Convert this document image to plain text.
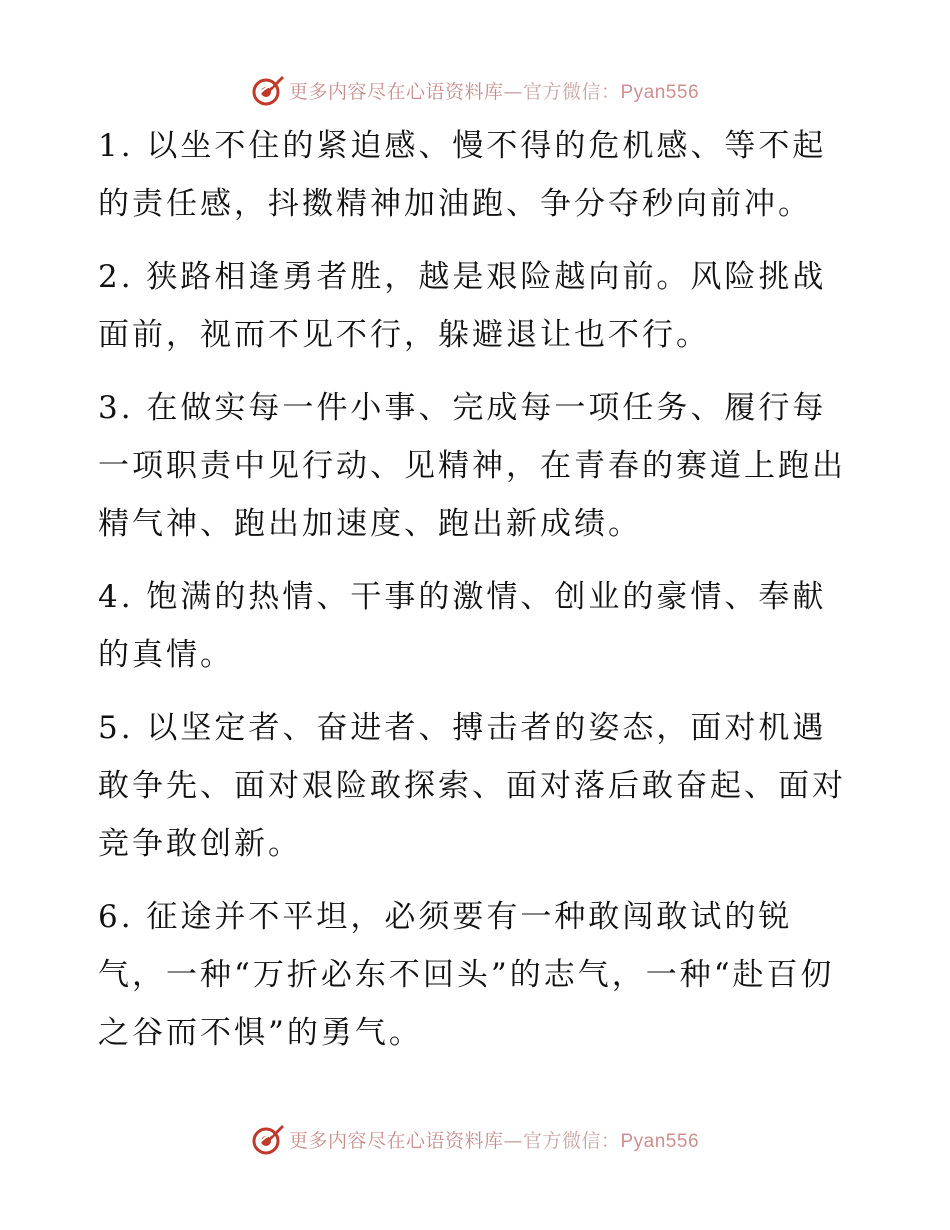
更多内容尽在心语资料库—官方微信：Pyan556

1. 以坐不住的紧迫感、慢不得的危机感、等不起的责任感，抖擞精神加油跑、争分夺秒向前冲。

2. 狭路相逢勇者胜，越是艰险越向前。风险挑战面前，视而不见不行，躲避退让也不行。

3. 在做实每一件小事、完成每一项任务、履行每一项职责中见行动、见精神，在青春的赛道上跑出精气神、跑出加速度、跑出新成绩。

4. 饱满的热情、干事的激情、创业的豪情、奉献的真情。

5. 以坚定者、奋进者、搏击者的姿态，面对机遇敢争先、面对艰险敢探索、面对落后敢奋起、面对竞争敢创新。

6. 征途并不平坦，必须要有一种敢闯敢试的锐气，一种“万折必东不回头”的志气，一种“赴百仞之谷而不惧”的勇气。

更多内容尽在心语资料库—官方微信：Pyan556
